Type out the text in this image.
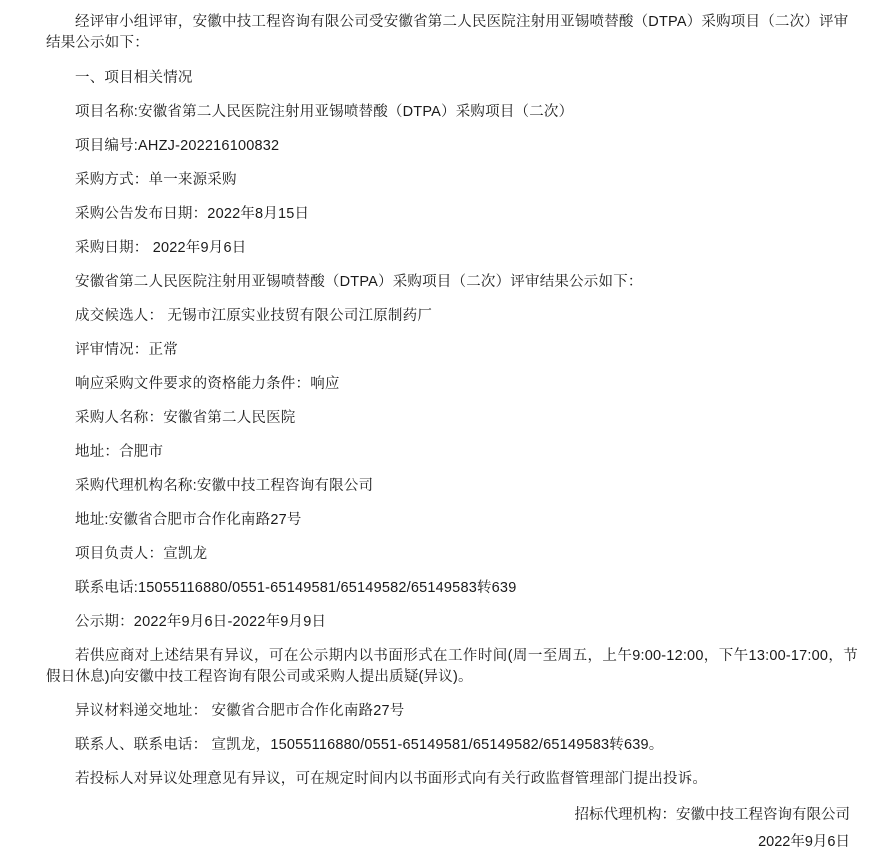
经评审小组评审，安徽中技工程咨询有限公司受安徽省第二人民医院注射用亚锡喷替酸（DTPA）采购项目（二次）评审结果公示如下：

一、项目相关情况

项目名称:安徽省第二人民医院注射用亚锡喷替酸（DTPA）采购项目（二次）

项目编号:AHZJ-202216100832

采购方式：单一来源采购

采购公告发布日期：2022年8月15日

采购日期： 2022年9月6日

安徽省第二人民医院注射用亚锡喷替酸（DTPA）采购项目（二次）评审结果公示如下：

成交候选人： 无锡市江原实业技贸有限公司江原制药厂

评审情况：正常

响应采购文件要求的资格能力条件：响应

采购人名称：安徽省第二人民医院

地址：合肥市

采购代理机构名称:安徽中技工程咨询有限公司

地址:安徽省合肥市合作化南路27号

项目负责人：宣凯龙

联系电话:15055116880/0551-65149581/65149582/65149583转639

公示期：2022年9月6日-2022年9月9日

若供应商对上述结果有异议，可在公示期内以书面形式在工作时间(周一至周五，上午9:00-12:00，下午13:00-17:00，节假日休息)向安徽中技工程咨询有限公司或采购人提出质疑(异议)。

异议材料递交地址： 安徽省合肥市合作化南路27号

联系人、联系电话： 宣凯龙，15055116880/0551-65149581/65149582/65149583转639。

若投标人对异议处理意见有异议，可在规定时间内以书面形式向有关行政监督管理部门提出投诉。

招标代理机构：安徽中技工程咨询有限公司

2022年9月6日
